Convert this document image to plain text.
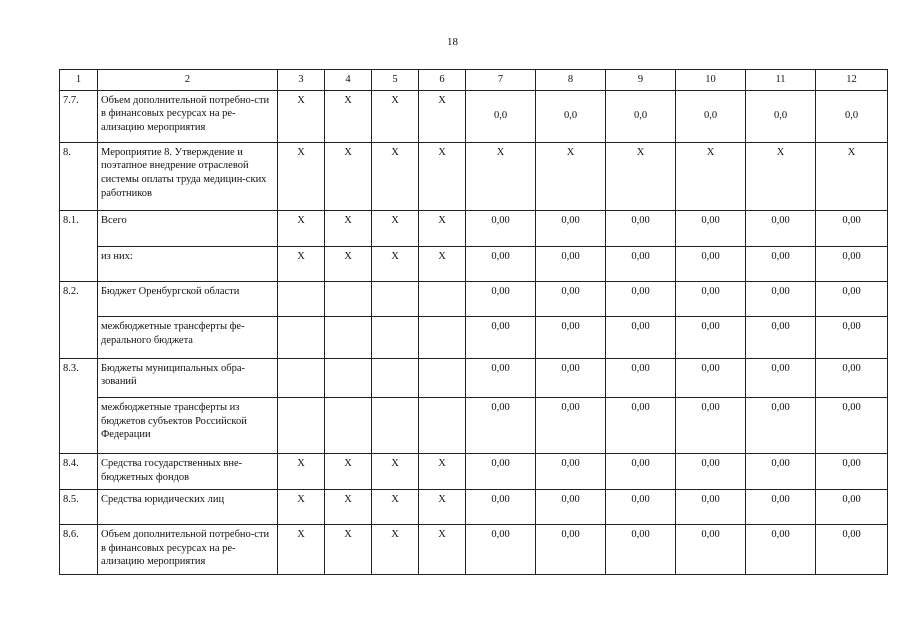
18
1	2	3	4	5	6	7	8	9	10	11	12
7.7.	Объем дополнительной потребно-сти в финансовых ресурсах на ре-ализацию мероприятия	X	X	X	X	0,0	0,0	0,0	0,0	0,0	0,0
8.	Мероприятие 8. Утверждение и поэтапное внедрение отраслевой системы оплаты труда медицин-ских работников	X	X	X	X	X	X	X	X	X	X
8.1.	Всего	X	X	X	X	0,00	0,00	0,00	0,00	0,00	0,00
	из них:	X	X	X	X	0,00	0,00	0,00	0,00	0,00	0,00
8.2.	Бюджет Оренбургской области					0,00	0,00	0,00	0,00	0,00	0,00
	межбюджетные трансферты фе-дерального бюджета					0,00	0,00	0,00	0,00	0,00	0,00
8.3.	Бюджеты муниципальных обра-зований					0,00	0,00	0,00	0,00	0,00	0,00
	межбюджетные трансферты из бюджетов субъектов Российской Федерации					0,00	0,00	0,00	0,00	0,00	0,00
8.4.	Средства государственных вне-бюджетных фондов	X	X	X	X	0,00	0,00	0,00	0,00	0,00	0,00
8.5.	Средства юридических лиц	X	X	X	X	0,00	0,00	0,00	0,00	0,00	0,00
8.6.	Объем дополнительной потребно-сти в финансовых ресурсах на ре-ализацию мероприятия	X	X	X	X	0,00	0,00	0,00	0,00	0,00	0,00
